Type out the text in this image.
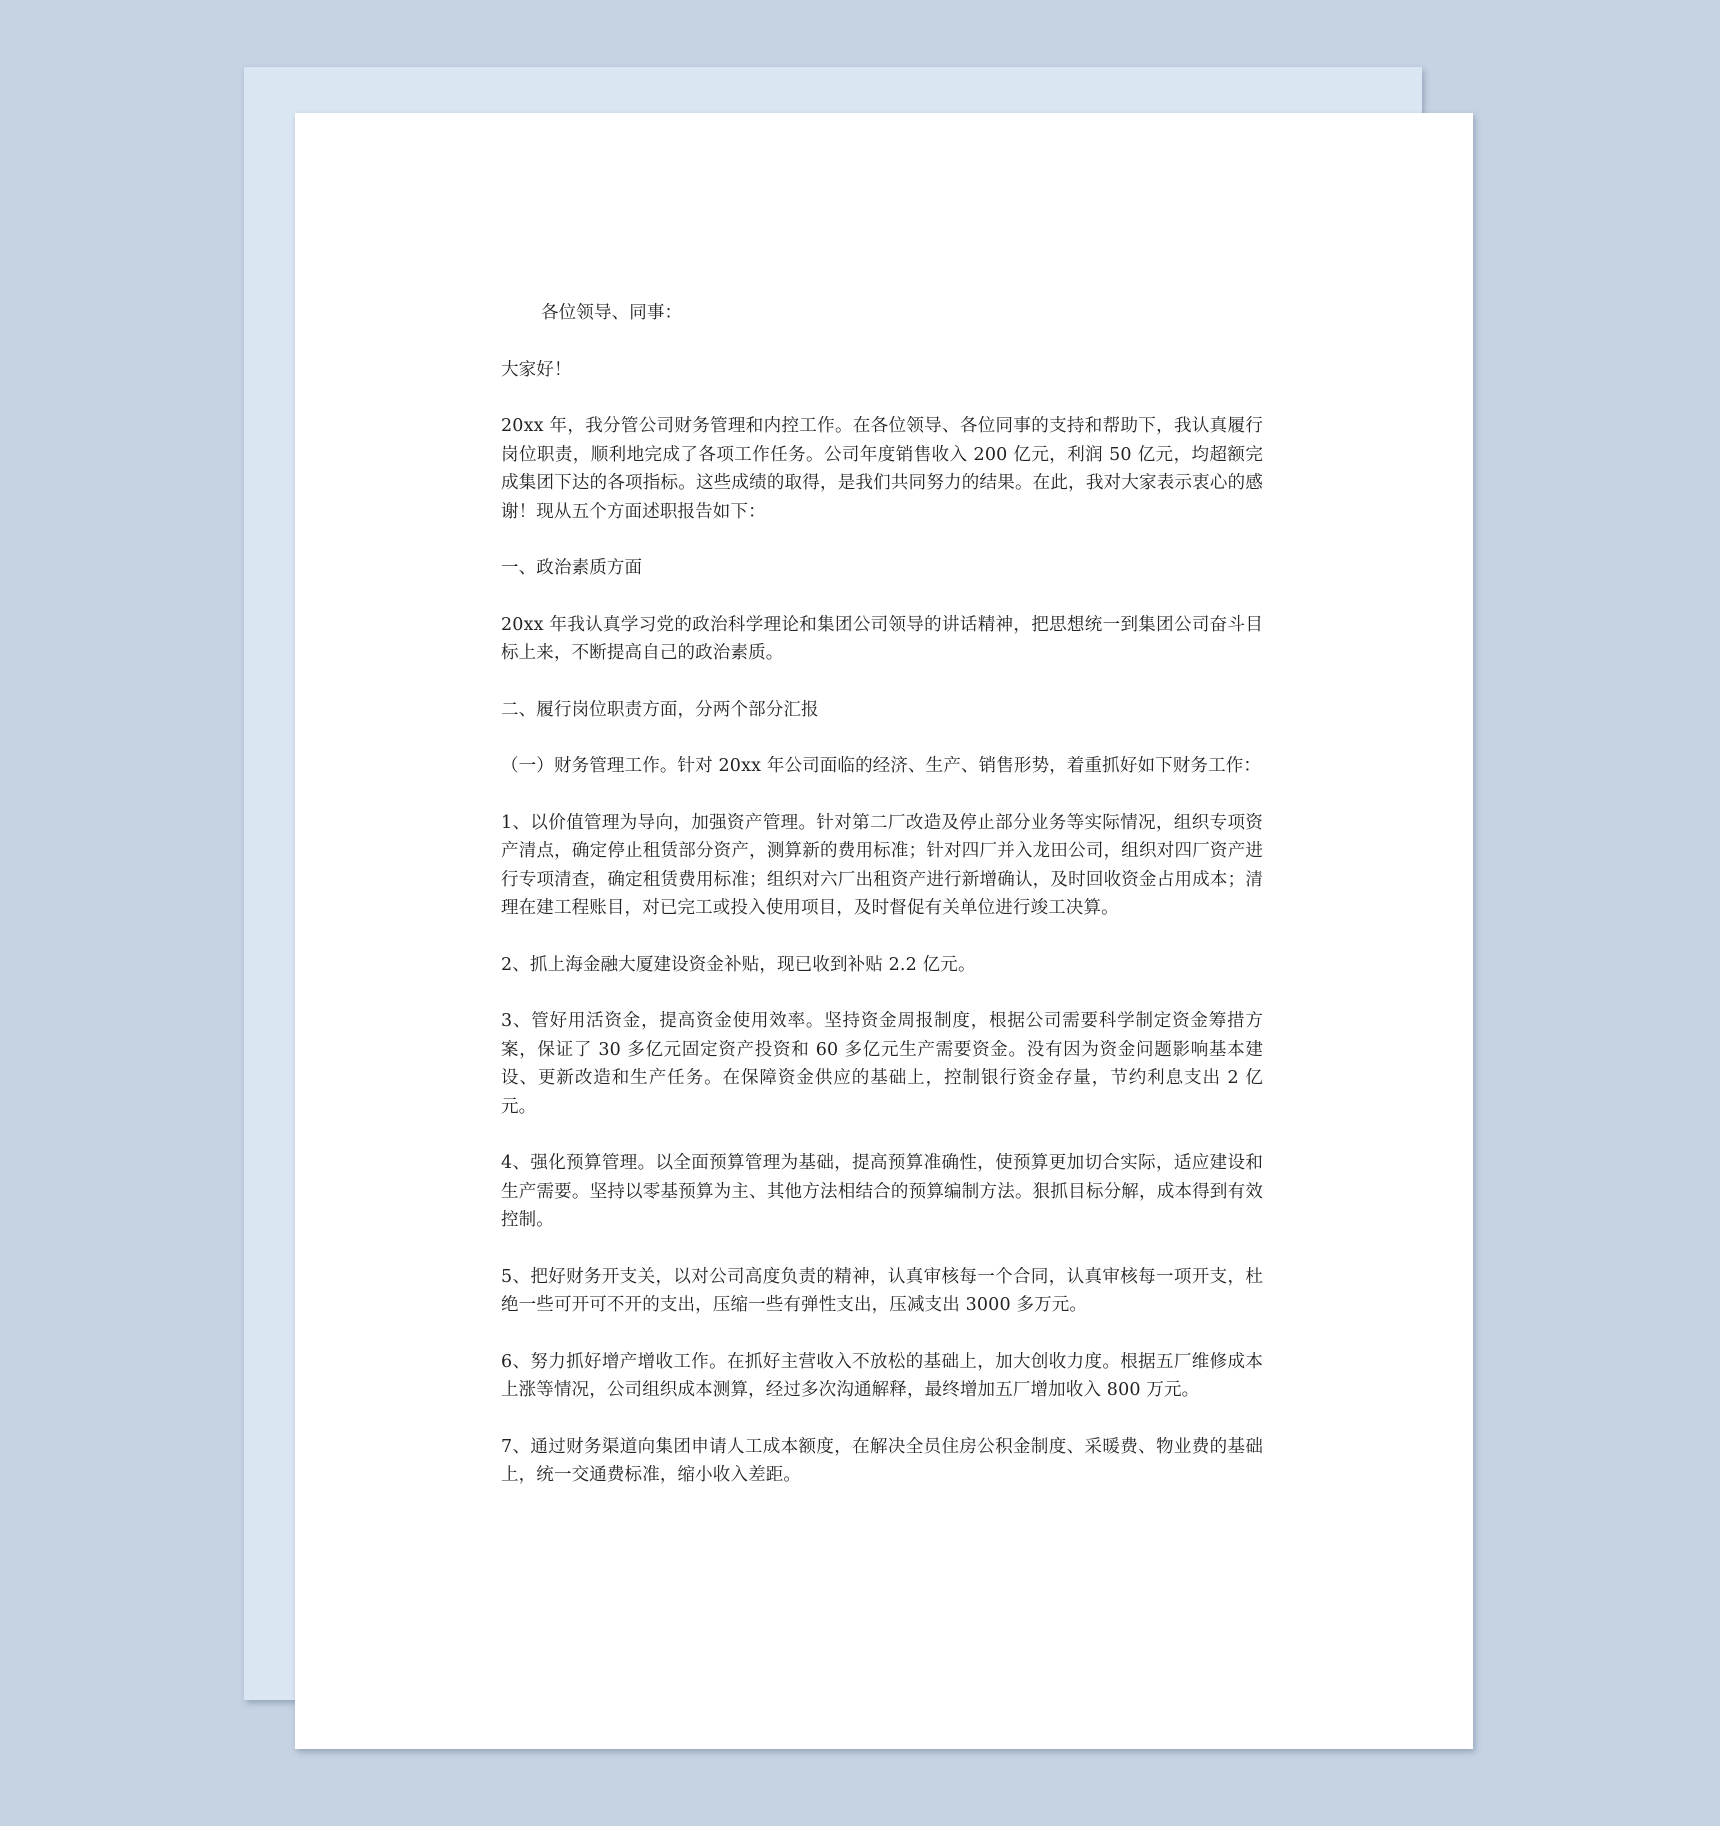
各位领导、同事：

大家好！

20xx 年，我分管公司财务管理和内控工作。在各位领导、各位同事的支持和帮助下，我认真履行岗位职责，顺利地完成了各项工作任务。公司年度销售收入 200 亿元，利润 50 亿元，均超额完成集团下达的各项指标。这些成绩的取得，是我们共同努力的结果。在此，我对大家表示衷心的感谢！现从五个方面述职报告如下：

一、政治素质方面

20xx 年我认真学习党的政治科学理论和集团公司领导的讲话精神，把思想统一到集团公司奋斗目标上来，不断提高自己的政治素质。

二、履行岗位职责方面，分两个部分汇报

（一）财务管理工作。针对 20xx 年公司面临的经济、生产、销售形势，着重抓好如下财务工作：

1、以价值管理为导向，加强资产管理。针对第二厂改造及停止部分业务等实际情况，组织专项资产清点，确定停止租赁部分资产，测算新的费用标准；针对四厂并入龙田公司，组织对四厂资产进行专项清查，确定租赁费用标准；组织对六厂出租资产进行新增确认，及时回收资金占用成本；清理在建工程账目，对已完工或投入使用项目，及时督促有关单位进行竣工决算。

2、抓上海金融大厦建设资金补贴，现已收到补贴 2.2 亿元。

3、管好用活资金，提高资金使用效率。坚持资金周报制度，根据公司需要科学制定资金筹措方案，保证了 30 多亿元固定资产投资和 60 多亿元生产需要资金。没有因为资金问题影响基本建设、更新改造和生产任务。在保障资金供应的基础上，控制银行资金存量，节约利息支出 2 亿元。

4、强化预算管理。以全面预算管理为基础，提高预算准确性，使预算更加切合实际，适应建设和生产需要。坚持以零基预算为主、其他方法相结合的预算编制方法。狠抓目标分解，成本得到有效控制。

5、把好财务开支关，以对公司高度负责的精神，认真审核每一个合同，认真审核每一项开支，杜绝一些可开可不开的支出，压缩一些有弹性支出，压减支出 3000 多万元。

6、努力抓好增产增收工作。在抓好主营收入不放松的基础上，加大创收力度。根据五厂维修成本上涨等情况，公司组织成本测算，经过多次沟通解释，最终增加五厂增加收入 800 万元。

7、通过财务渠道向集团申请人工成本额度，在解决全员住房公积金制度、采暖费、物业费的基础上，统一交通费标准，缩小收入差距。
